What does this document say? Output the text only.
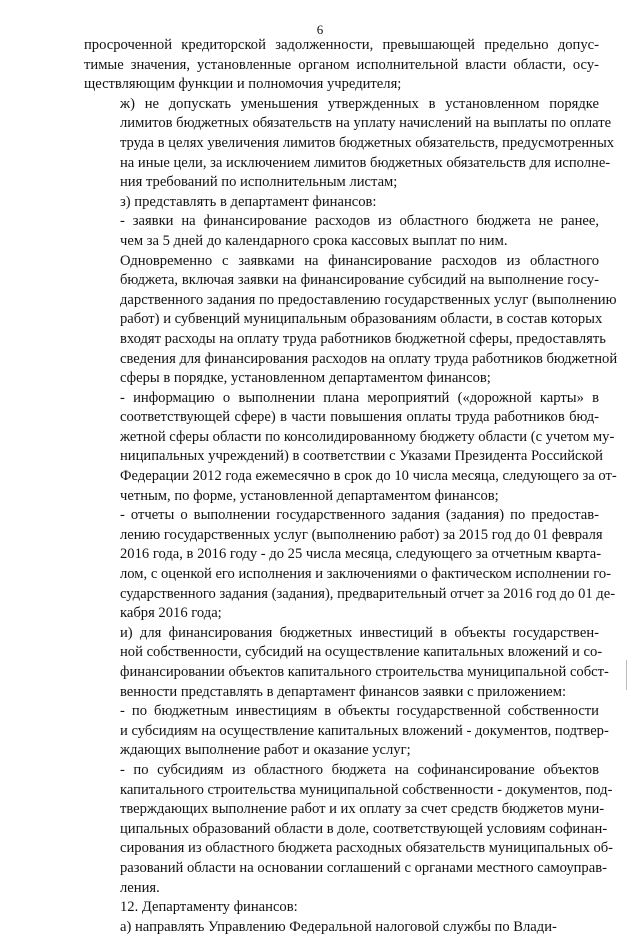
6
просроченной кредиторской задолженности, превышающей предельно допус-
тимые значения, установленные органом исполнительной власти области, осу-
ществляющим функции и полномочия учредителя;
ж) не допускать уменьшения утвержденных в установленном порядке
лимитов бюджетных обязательств на уплату начислений на выплаты по оплате
труда в целях увеличения лимитов бюджетных обязательств, предусмотренных
на иные цели, за исключением лимитов бюджетных обязательств для исполне-
ния требований по исполнительным листам;
з) представлять в департамент финансов:
- заявки на финансирование расходов из областного бюджета не ранее,
чем за 5 дней до календарного срока кассовых выплат по ним.
Одновременно с заявками на финансирование расходов из областного
бюджета, включая заявки на финансирование субсидий на выполнение госу-
дарственного задания по предоставлению государственных услуг (выполнению
работ) и субвенций муниципальным образованиям области, в состав которых
входят расходы на оплату труда работников бюджетной сферы, предоставлять
сведения для финансирования расходов на оплату труда работников бюджетной
сферы в порядке, установленном департаментом финансов;
- информацию о выполнении плана мероприятий («дорожной карты» в
соответствующей сфере) в части повышения оплаты труда работников бюд-
жетной сферы области по консолидированному бюджету области (с учетом му-
ниципальных учреждений) в соответствии с Указами Президента Российской
Федерации 2012 года ежемесячно в срок до 10 числа месяца, следующего за от-
четным, по форме, установленной департаментом финансов;
- отчеты о выполнении государственного задания (задания) по предостав-
лению государственных услуг (выполнению работ) за 2015 год до 01 февраля
2016 года, в 2016 году - до 25 числа месяца, следующего за отчетным кварта-
лом, с оценкой его исполнения и заключениями о фактическом исполнении го-
сударственного задания (задания), предварительный отчет за 2016 год до 01 де-
кабря 2016 года;
и) для финансирования бюджетных инвестиций в объекты государствен-
ной собственности, субсидий на осуществление капитальных вложений и со-
финансировании объектов капитального строительства муниципальной собст-
венности представлять в департамент финансов заявки с приложением:
- по бюджетным инвестициям в объекты государственной собственности
и субсидиям на осуществление капитальных вложений - документов, подтвер-
ждающих выполнение работ и оказание услуг;
- по субсидиям из областного бюджета на софинансирование объектов
капитального строительства муниципальной собственности - документов, под-
тверждающих выполнение работ и их оплату за счет средств бюджетов муни-
ципальных образований области в доле, соответствующей условиям софинан-
сирования из областного бюджета расходных обязательств муниципальных об-
разований области на основании соглашений с органами местного самоуправ-
ления.
12. Департаменту финансов:
а) направлять Управлению Федеральной налоговой службы по Влади-
